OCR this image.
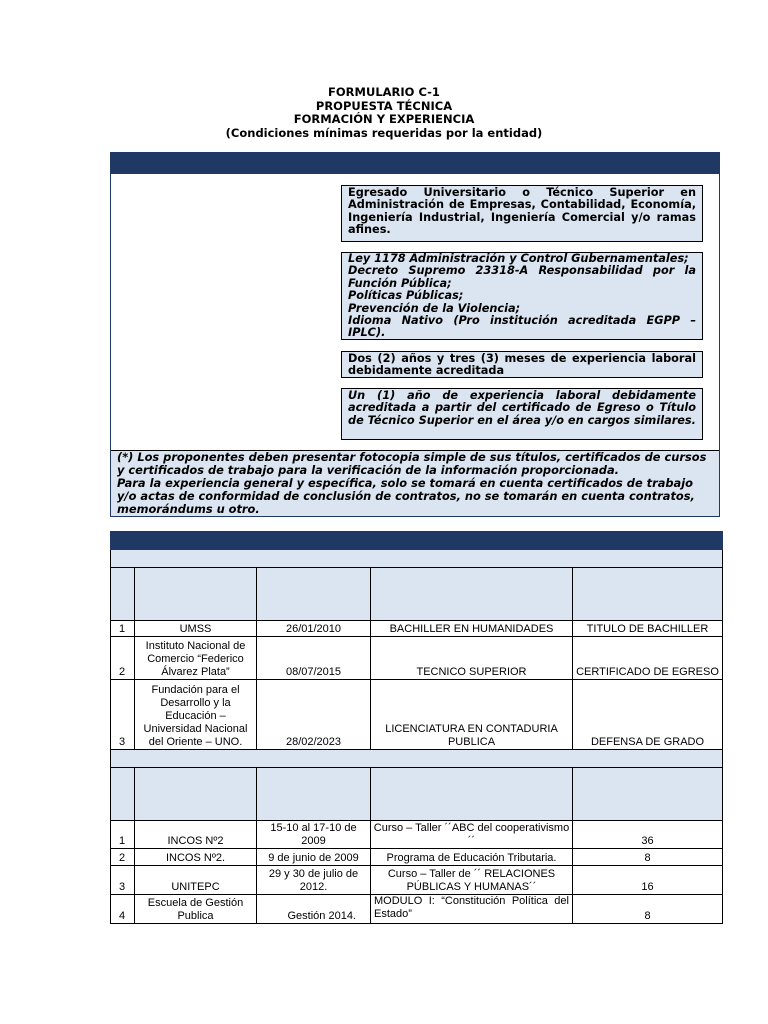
FORMULARIO C-1
PROPUESTA TÉCNICA
FORMACIÓN Y EXPERIENCIA
(Condiciones mínimas requeridas por la entidad)
Egresado Universitario o Técnico Superior en Administración de Empresas, Contabilidad, Economía, Ingeniería Industrial, Ingeniería Comercial y/o ramas afines.
Ley 1178 Administración y Control Gubernamentales;
Decreto Supremo 23318-A Responsabilidad por la Función Pública;
Políticas Públicas;
Prevención de la Violencia;
Idioma Nativo (Pro institución acreditada EGPP – IPLC).
Dos (2) años y tres (3) meses de experiencia laboral debidamente acreditada
Un (1) año de experiencia laboral debidamente acreditada a partir del certificado de Egreso o Título de Técnico Superior en el área y/o en cargos similares.
(*) Los proponentes deben presentar fotocopia simple de sus títulos, certificados de cursos y certificados de trabajo para la verificación de la información proporcionada.
Para la experiencia general y específica, solo se tomará en cuenta certificados de trabajo y/o actas de conformidad de conclusión de contratos, no se tomarán en cuenta contratos, memorándums u otro.

1	UMSS	26/01/2010	BACHILLER EN HUMANIDADES	TITULO DE BACHILLER
2	Instituto Nacional de Comercio “Federico Álvarez Plata”	08/07/2015	TECNICO SUPERIOR	CERTIFICADO DE EGRESO
3	Fundación para el Desarrollo y la Educación – Universidad Nacional del Oriente – UNO.	28/02/2023	LICENCIATURA EN CONTADURIA PUBLICA	DEFENSA DE GRADO

1	INCOS Nº2	15-10 al 17-10 de 2009	Curso – Taller ´´ABC del cooperativismo´´	36
2	INCOS Nº2.	9 de junio de 2009	Programa de Educación Tributaria.	8
3	UNITEPC	29 y 30 de julio de 2012.	Curso – Taller de ´´ RELACIONES PÚBLICAS Y HUMANAS´´	16
4	Escuela de Gestión Publica	Gestión 2014.	MODULO I: “Constitución Política del Estado”	8
